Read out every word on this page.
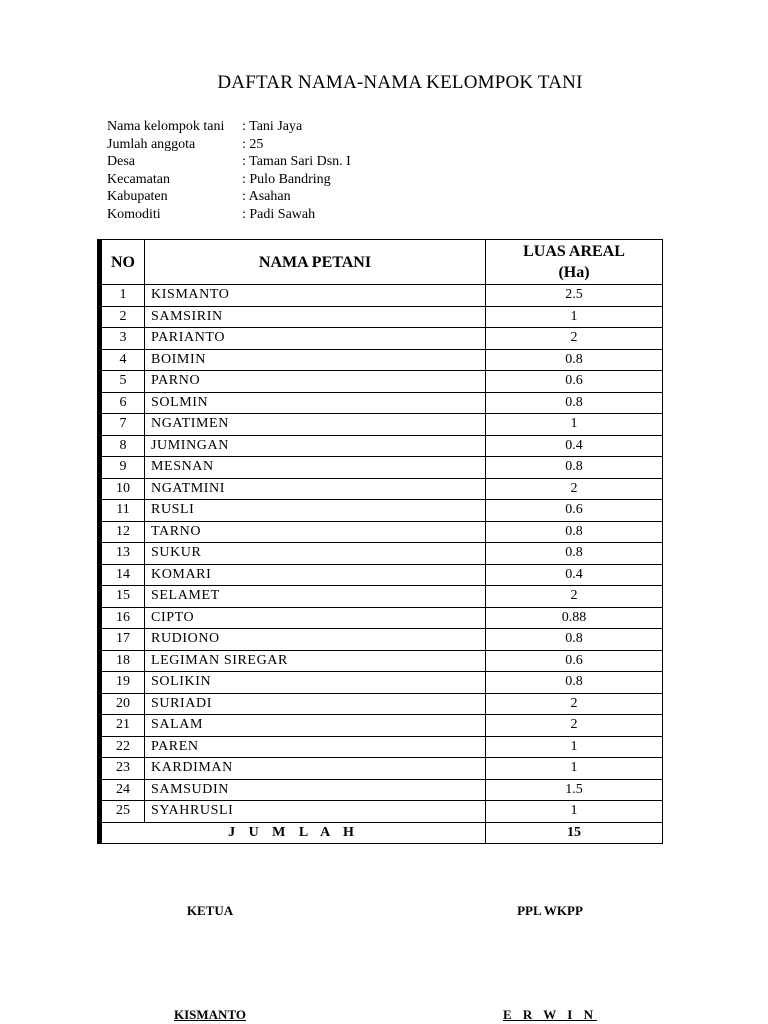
DAFTAR NAMA-NAMA KELOMPOK TANI
Nama kelompok tani	: Tani Jaya
Jumlah anggota	: 25
Desa	: Taman Sari Dsn. I
Kecamatan	: Pulo Bandring
Kabupaten	: Asahan
Komoditi	: Padi Sawah
NO	NAMA PETANI	LUAS AREAL
(Ha)
1	KISMANTO	2.5
2	SAMSIRIN	1
3	PARIANTO	2
4	BOIMIN	0.8
5	PARNO	0.6
6	SOLMIN	0.8
7	NGATIMEN	1
8	JUMINGAN	0.4
9	MESNAN	0.8
10	NGATMINI	2
11	RUSLI	0.6
12	TARNO	0.8
13	SUKUR	0.8
14	KOMARI	0.4
15	SELAMET	2
16	CIPTO	0.88
17	RUDIONO	0.8
18	LEGIMAN SIREGAR	0.6
19	SOLIKIN	0.8
20	SURIADI	2
21	SALAM	2
22	PAREN	1
23	KARDIMAN	1
24	SAMSUDIN	1.5
25	SYAHRUSLI	1
J U M L A H		15
KETUA	PPL WKPP
KISMANTO	E R W I N
